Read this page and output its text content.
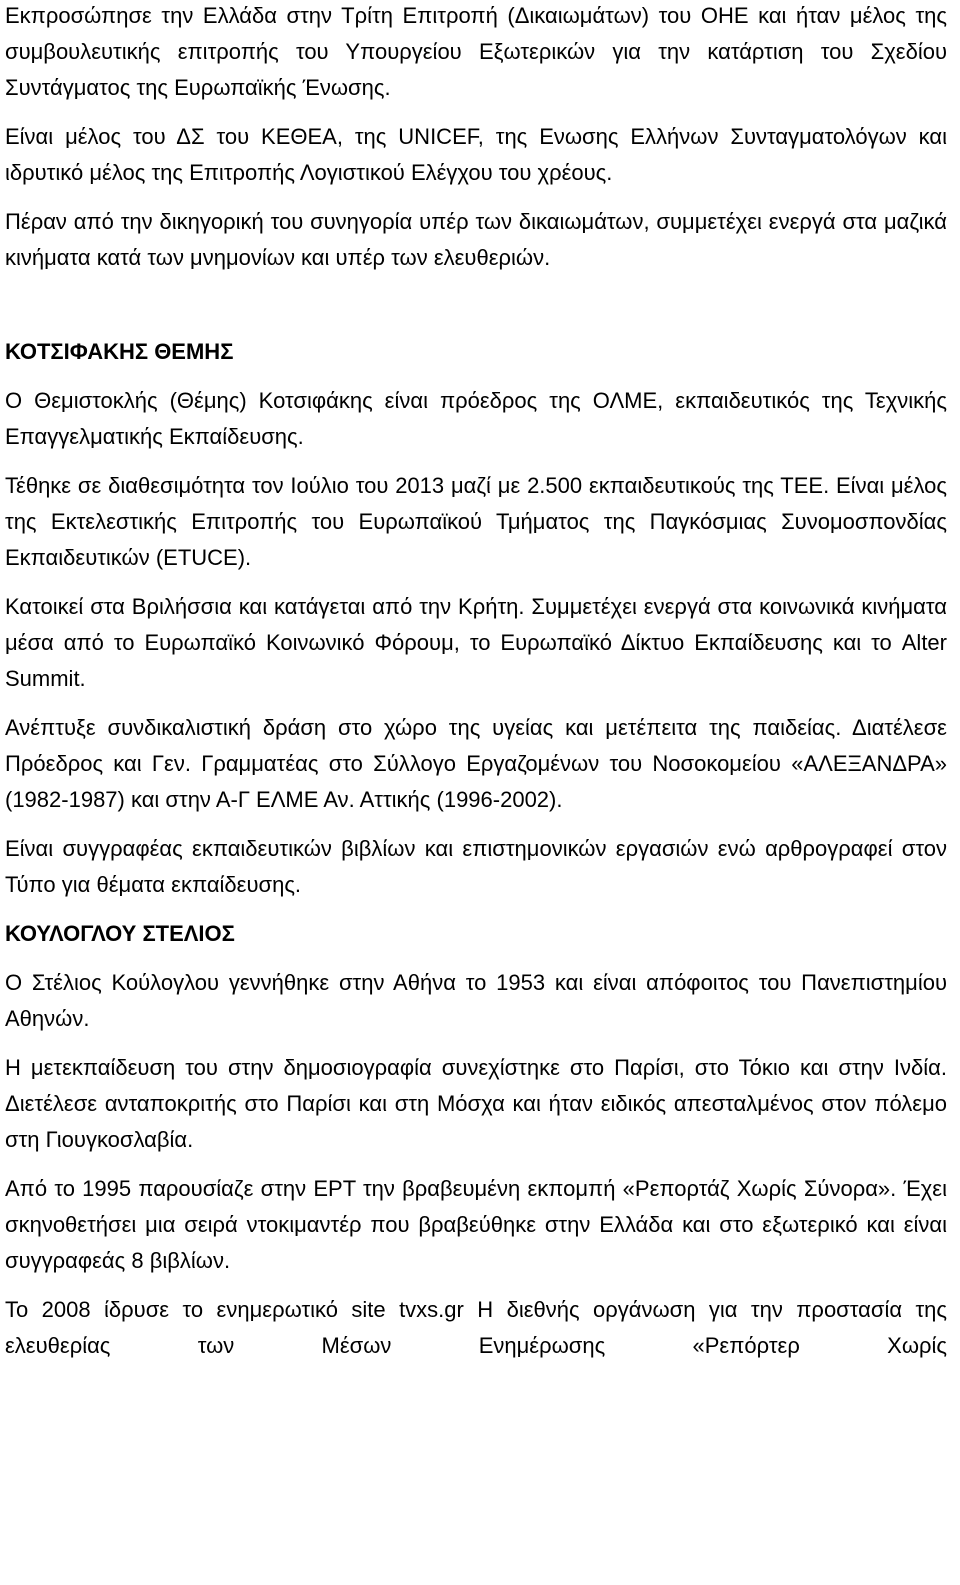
Εκπροσώπησε την Ελλάδα στην Τρίτη Επιτροπή (Δικαιωμάτων) του ΟΗΕ και ήταν μέλος της συμβουλευτικής επιτροπής του Υπουργείου Εξωτερικών για την κατάρτιση του Σχεδίου Συντάγματος της Ευρωπαϊκής Ένωσης.

Είναι μέλος του ΔΣ του ΚΕΘΕΑ, της UNICEF, της Ενωσης Ελλήνων Συνταγματολόγων και ιδρυτικό μέλος της Επιτροπής Λογιστικού Ελέγχου του χρέους.

Πέραν από την δικηγορική του συνηγορία υπέρ των δικαιωμάτων, συμμετέχει ενεργά στα μαζικά κινήματα κατά των μνημονίων και υπέρ των ελευθεριών.

ΚΟΤΣΙΦΑΚΗΣ ΘΕΜΗΣ

Ο Θεμιστοκλής (Θέμης) Κοτσιφάκης είναι πρόεδρος της ΟΛΜΕ, εκπαιδευτικός της Τεχνικής Επαγγελματικής Εκπαίδευσης.

Τέθηκε σε διαθεσιμότητα τον Ιούλιο του 2013 μαζί με 2.500 εκπαιδευτικούς της ΤΕΕ. Είναι μέλος της Εκτελεστικής Επιτροπής του Ευρωπαϊκού Τμήματος της Παγκόσμιας Συνομοσπονδίας Εκπαιδευτικών (ETUCE).

Κατοικεί στα Βριλήσσια και κατάγεται από την Κρήτη. Συμμετέχει ενεργά στα κοινωνικά κινήματα μέσα από το Ευρωπαϊκό Κοινωνικό Φόρουμ, το Ευρωπαϊκό Δίκτυο Εκπαίδευσης και το Alter Summit.

Ανέπτυξε συνδικαλιστική δράση στο χώρο της υγείας και μετέπειτα της παιδείας. Διατέλεσε Πρόεδρος και Γεν. Γραμματέας στο Σύλλογο Εργαζομένων του Νοσοκομείου «ΑΛΕΞΑΝΔΡΑ» (1982-1987) και στην Α-Γ ΕΛΜΕ Αν. Αττικής (1996-2002).

Είναι συγγραφέας εκπαιδευτικών βιβλίων και επιστημονικών εργασιών ενώ αρθρογραφεί στον Τύπο για θέματα εκπαίδευσης.

ΚΟΥΛΟΓΛΟΥ ΣΤΕΛΙΟΣ

Ο Στέλιος Κούλογλου γεννήθηκε στην Αθήνα το 1953 και είναι απόφοιτος του Πανεπιστημίου Αθηνών.

Η μετεκπαίδευση του στην δημοσιογραφία συνεχίστηκε στο Παρίσι, στο Τόκιο και στην Ινδία. Διετέλεσε ανταποκριτής στο Παρίσι και στη Μόσχα και ήταν ειδικός απεσταλμένος στον πόλεμο στη Γιουγκοσλαβία.

Από το 1995 παρουσίαζε στην ΕΡΤ την βραβευμένη εκπομπή «Ρεπορτάζ Χωρίς Σύνορα». Έχει σκηνοθετήσει μια σειρά ντοκιμαντέρ που βραβεύθηκε στην Ελλάδα και στο εξωτερικό και είναι συγγραφεάς 8 βιβλίων.

Το 2008 ίδρυσε το ενημερωτικό site tvxs.gr Η διεθνής οργάνωση για την προστασία της ελευθερίας των Μέσων Ενημέρωσης «Ρεπόρτερ Χωρίς
